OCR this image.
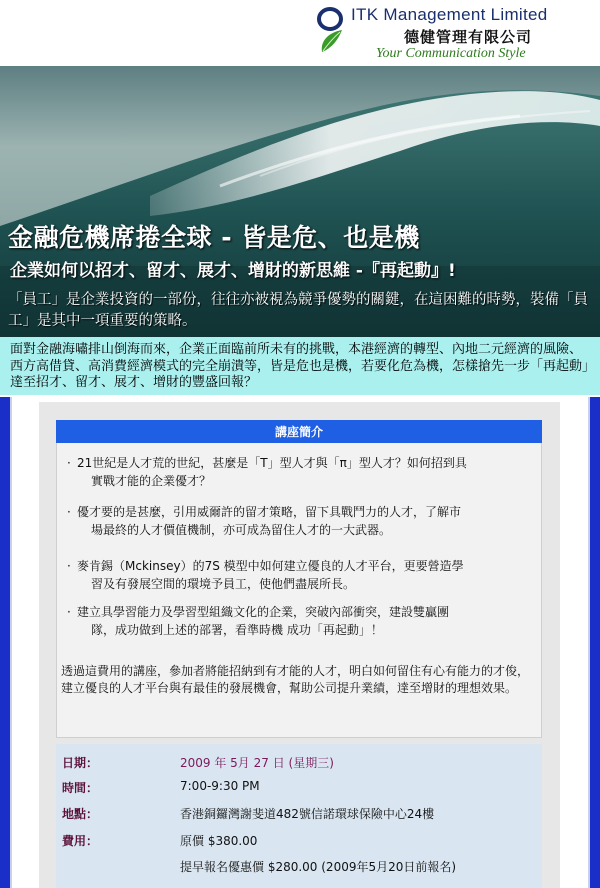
ITK Management Limited
德健管理有限公司
Your Communication Style
金融危機席捲全球 - 皆是危、也是機
企業如何以招才、留才、展才、增財的新思維 -『再起動』!
「員工」是企業投資的一部份，往往亦被視為競爭優勢的關鍵，在這困難的時勢，裝備「員工」是其中一項重要的策略。
面對金融海嘯排山倒海而來，企業正面臨前所未有的挑戰，本港經濟的轉型、內地二元經濟的風險、西方高借貸、高消費經濟模式的完全崩潰等，皆是危也是機，若要化危為機，怎樣搶先一步「再起動」達至招才、留才、展才、增財的豐盛回報？
講座簡介
· 21世紀是人才荒的世紀，甚麼是「T」型人才與「π」型人才？如何招到具
實戰才能的企業優才？
· 優才要的是甚麼，引用威爾許的留才策略，留下具戰鬥力的人才，了解市
場最終的人才價值機制，亦可成為留住人才的一大武器。
· 麥肯錫（Mckinsey）的7S 模型中如何建立優良的人才平台，更要營造學
習及有發展空間的環境予員工，使他們盡展所長。
· 建立具學習能力及學習型組織文化的企業，突破內部衝突，建設雙贏團
隊，成功做到上述的部署，看準時機 成功「再起動」！
透過這費用的講座，參加者將能招納到有才能的人才，明白如何留住有心有能力的才俊，建立優良的人才平台與有最佳的發展機會，幫助公司提升業績，達至增財的理想效果。
日期：	2009 年 5月 27 日 (星期三)
時間：	7:00-9:30 PM
地點：	香港銅鑼灣謝斐道482號信諾環球保險中心24樓
費用：	原價 $380.00
提早報名優惠價 $280.00 (2009年5月20日前報名)
